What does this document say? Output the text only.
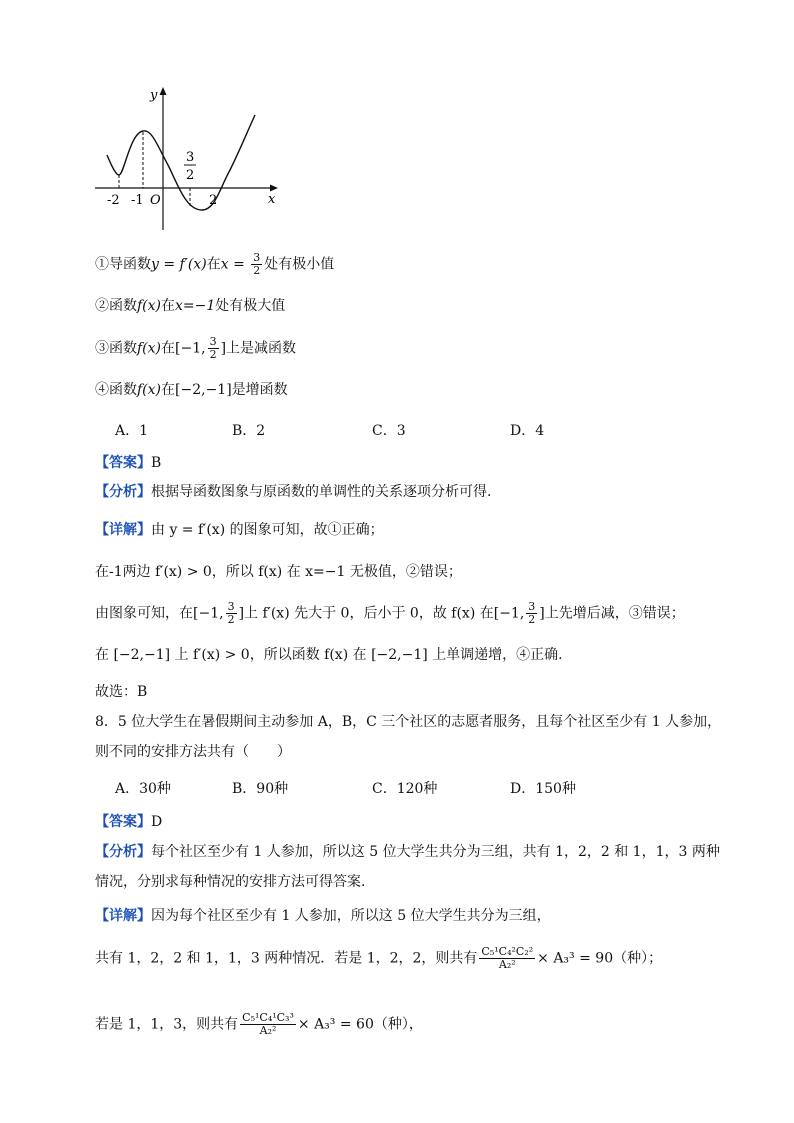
y
x
O
-2 -1	2
3
2
①导函数y = f′(x)在$x = \frac{3}{2}$ 处有极小值
②函数f(x)在x=−1处有极大值
③函数f(x)在[−1, $\frac{3}{2}$ ]上是减函数
④函数f(x)在[−2,−1]是增函数
A．1	B．2	C．3	D．4
【答案】B
【分析】根据导函数图象与原函数的单调性的关系逐项分析可得.
【详解】由 y = f′(x) 的图象可知，故①正确；
在-1两边 f′(x) > 0，所以 f(x) 在 x=−1 无极值，②错误；
由图象可知，在[−1, $\frac{3}{2}$ ]上 f′(x) 先大于 0，后小于 0，故 f(x) 在[−1, $\frac{3}{2}$ ]上先增后减，③错误；
在 [−2,−1] 上 f′(x) > 0，所以函数 f(x) 在 [−2,−1] 上单调递增，④正确.
故选：B
8．5 位大学生在暑假期间主动参加 A，B，C 三个社区的志愿者服务，且每个社区至少有 1 人参加，
则不同的安排方法共有（　　）
A．30种	B．90种	C．120种	D．150种
【答案】D
【分析】每个社区至少有 1 人参加，所以这 5 位大学生共分为三组，共有 1，2，2 和 1，1，3 两种
情况，分别求每种情况的安排方法可得答案.
【详解】因为每个社区至少有 1 人参加，所以这 5 位大学生共分为三组，
共有 1，2，2 和 1，1，3 两种情况．若是 1，2，2，则共有 $\frac{\text{C₅¹C₄²C₂²}}{\text{A₂²}} \times A_3^3 = 90$（种）；
若是 1，1，3，则共有 $\frac{\text{C₅¹C₄¹C₃³}}{\text{A₂²}} \times A_3^3 = 60$（种），
